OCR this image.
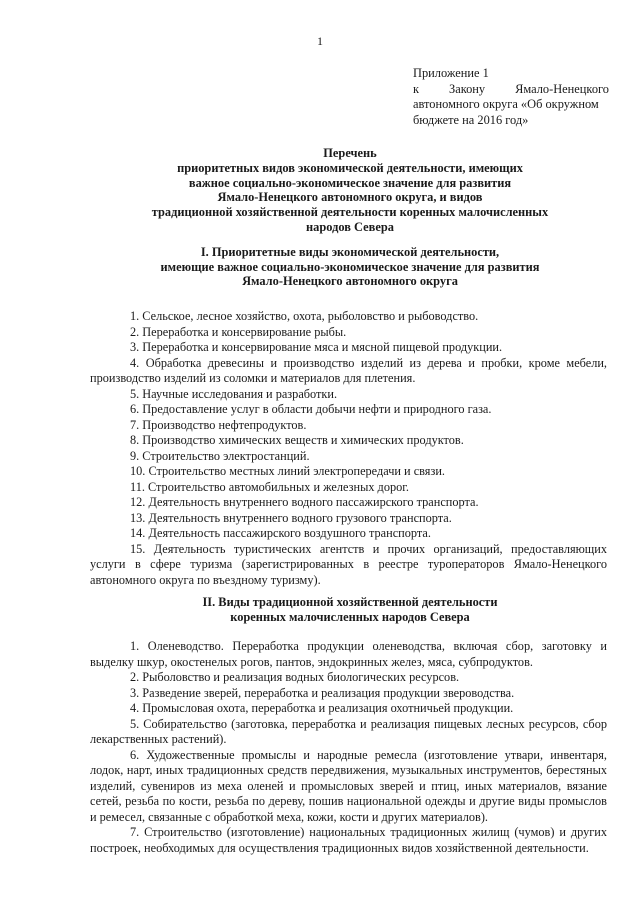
1
Приложение 1
к Закону Ямало-Ненецкого
автономного округа «Об окружном
бюджете на 2016 год»
Перечень
приоритетных видов экономической деятельности, имеющих
важное социально-экономическое значение для развития
Ямало-Ненецкого автономного округа, и видов
традиционной хозяйственной деятельности коренных малочисленных
народов Севера
I. Приоритетные виды экономической деятельности,
имеющие важное социально-экономическое значение для развития
Ямало-Ненецкого автономного округа

1. Сельское, лесное хозяйство, охота, рыболовство и рыбоводство.

2. Переработка и консервирование рыбы.

3. Переработка и консервирование мяса и мясной пищевой продукции.

4. Обработка древесины и производство изделий из дерева и пробки, кроме мебели, производство изделий из соломки и материалов для плетения.

5. Научные исследования и разработки.

6. Предоставление услуг в области добычи нефти и природного газа.

7. Производство нефтепродуктов.

8. Производство химических веществ и химических продуктов.

9. Строительство электростанций.

10. Строительство местных линий электропередачи и связи.

11. Строительство автомобильных и железных дорог.

12. Деятельность внутреннего водного пассажирского транспорта.

13. Деятельность внутреннего водного грузового транспорта.

14. Деятельность пассажирского воздушного транспорта.

15. Деятельность туристических агентств и прочих организаций, предоставляющих услуги в сфере туризма (зарегистрированных в реестре туроператоров Ямало-Ненецкого автономного округа по въездному туризму).

II. Виды традиционной хозяйственной деятельности
коренных малочисленных народов Севера

1. Оленеводство. Переработка продукции оленеводства, включая сбор, заготовку и выделку шкур, окостенелых рогов, пантов, эндокринных желез, мяса, субпродуктов.

2. Рыболовство и реализация водных биологических ресурсов.

3. Разведение зверей, переработка и реализация продукции звероводства.

4. Промысловая охота, переработка и реализация охотничьей продукции.

5. Собирательство (заготовка, переработка и реализация пищевых лесных ресурсов, сбор лекарственных растений).

6. Художественные промыслы и народные ремесла (изготовление утвари, инвентаря, лодок, нарт, иных традиционных средств передвижения, музыкальных инструментов, берестяных изделий, сувениров из меха оленей и промысловых зверей и птиц, иных материалов, вязание сетей, резьба по кости, резьба по дереву, пошив национальной одежды и другие виды промыслов и ремесел, связанные с обработкой меха, кожи, кости и других материалов).

7. Строительство (изготовление) национальных традиционных жилищ (чумов) и других построек, необходимых для осуществления традиционных видов хозяйственной деятельности.
